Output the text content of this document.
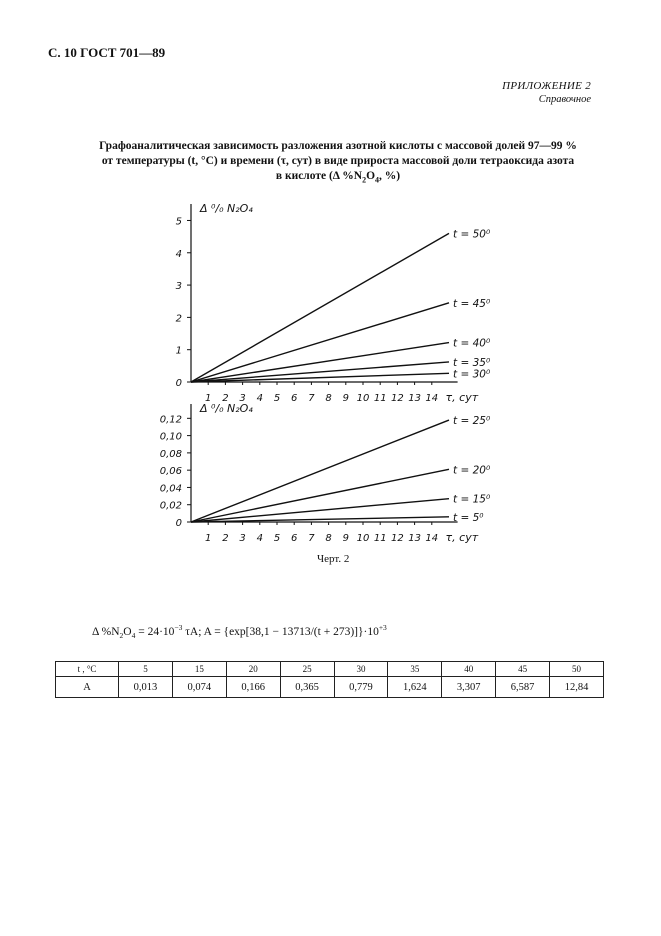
С. 10 ГОСТ 701—89
ПРИЛОЖЕНИЕ 2
Справочное
Графоаналитическая зависимость разложения азотной кислоты с массовой долей 97—99 %
от температуры (t, °С) и времени (τ, сут) в виде прироста массовой доли тетраоксида азота
в кислоте (Δ $\%N_2O_4$, %)
0
1
2
3
4
5
1 2 3 4 5 6 7 8 9 10 11 12 13 14 τ, сут
Δ ⁰/₀ N₂O₄
t = 50⁰
t = 45⁰
t = 40⁰
t = 35⁰
t = 30⁰
0
0,02
0,04
0,06
0,08
0,10
0,12
1 2 3 4 5 6 7 8 9 10 11 12 13 14 τ, сут
Δ ⁰/₀ N₂O₄
t = 25⁰
t = 20⁰
t = 15⁰
t = 5⁰
Черт. 2
Δ $\%N_2O_4 = 24\cdot 10^{-3}$ τA; $A = \{\exp[38,1 - 13713/(t + 273)]\}\cdot 10^{+3}$
t , °C	5	15	20	25	30	35	40	45	50
A	0,013	0,074	0,166	0,365	0,779	1,624	3,307	6,587	12,84
